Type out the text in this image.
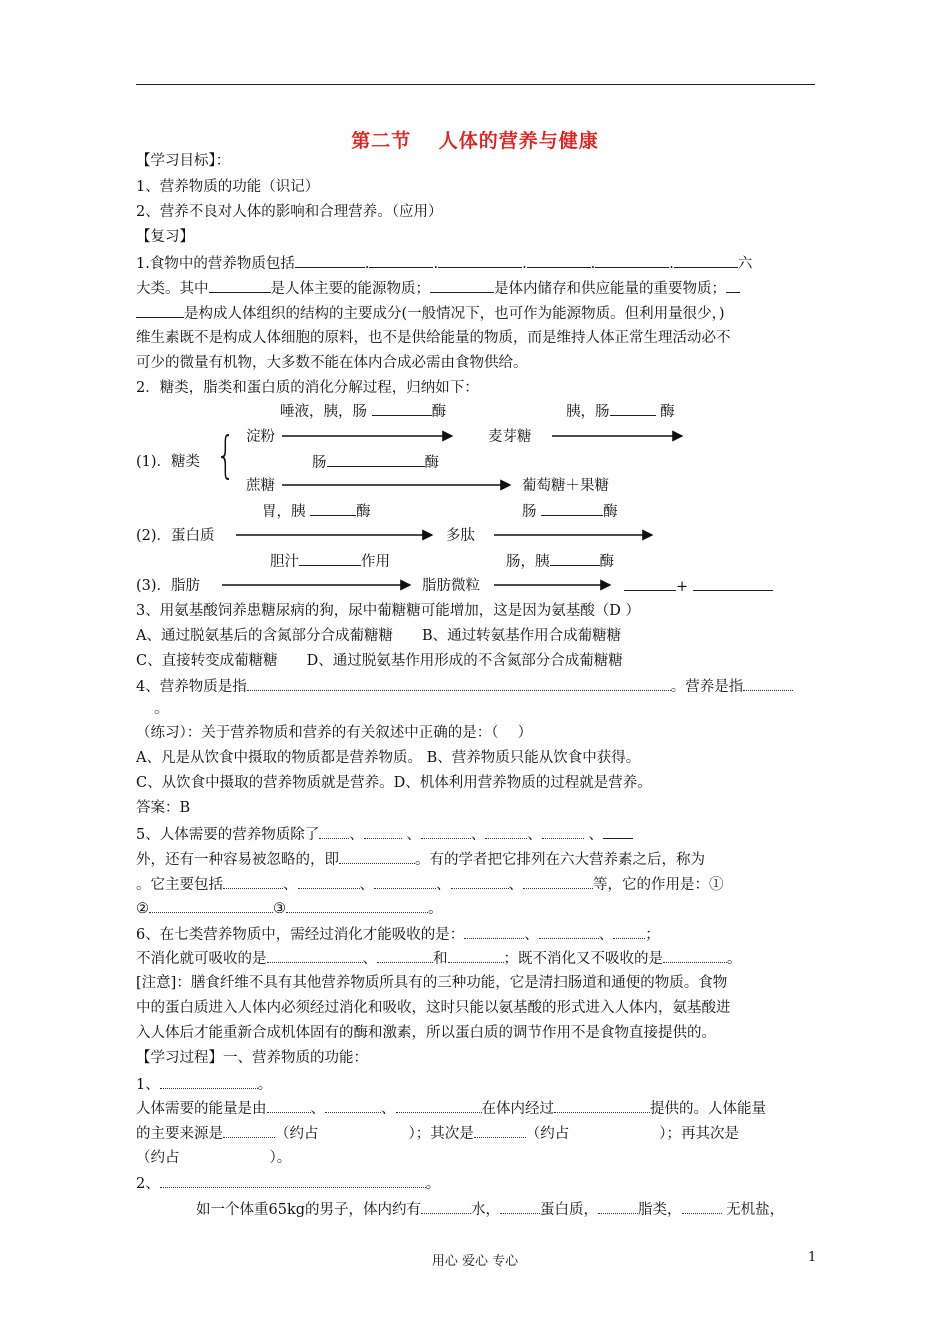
第二节　 人体的营养与健康
【学习目标】：
1、营养物质的功能（识记）
2、营养不良对人体的影响和合理营养。（应用）
【复习】
1.食物中的营养物质包括	.	.	.	.	.	六
大类。其中	是人体主要的能源物质；	是体内储存和供应能量的重要物质；
是构成人体组织的结构的主要成分(一般情况下，也可作为能源物质。但利用量很少，)
维生素既不是构成人体细胞的原料，也不是供给能量的物质，而是维持人体正常生理活动必不
可少的微量有机物，大多数不能在体内合成必需由食物供给。
2．糖类，脂类和蛋白质的消化分解过程，归纳如下：
唾液，胰，肠	酶	胰，肠	酶
淀粉	麦芽糖
{
(1)．糖类	肠	酶
蔗糖	葡萄糖＋果糖
胃，胰	酶	肠	酶
(2)．蛋白质	多肽
胆汁	作用	肠，胰	酶
(3)．脂肪	脂肪微粒	+
3、用氨基酸饲养患糖尿病的狗，尿中葡糖糖可能增加，这是因为氨基酸（D ）
A、通过脱氨基后的含氮部分合成葡糖糖　　B、通过转氨基作用合成葡糖糖
C、直接转变成葡糖糖　　D、通过脱氨基作用形成的不含氮部分合成葡糖糖
4、营养物质是指	。营养是指
。
（练习）：关于营养物质和营养的有关叙述中正确的是：（　 ）
A、凡是从饮食中摄取的物质都是营养物质。 B、营养物质只能从饮食中获得。
C、从饮食中摄取的营养物质就是营养。D、机体利用营养物质的过程就是营养。
答案：B
5、人体需要的营养物质除了 、	、	、	、	、
外，还有一种容易被忽略的，即	。有的学者把它排列在六大营养素之后，称为
。它主要包括	、	、	、	、	等，它的作用是：①
②	③	。
6、在七类营养物质中，需经过消化才能吸收的是：	、	、 ；
不消化就可吸收的是	、	和	；既不消化又不吸收的是	。
[注意]：膳食纤维不具有其他营养物质所具有的三种功能，它是清扫肠道和通便的物质。食物
中的蛋白质进入人体内必须经过消化和吸收，这时只能以氨基酸的形式进入人体内，氨基酸进
入人体后才能重新合成机体固有的酶和激素，所以蛋白质的调节作用不是食物直接提供的。
【学习过程】一、营养物质的功能：
1、	。
人体需要的能量是由	、	、	在体内经过	提供的。人体能量
的主要来源是	（约占	）；其次是	（约占	）；再其次是
（约占	）。
2、	。
如一个体重65kg的男子，体内约有	水，	蛋白质，	脂类，	无机盐，
用心 爱心 专心	1
